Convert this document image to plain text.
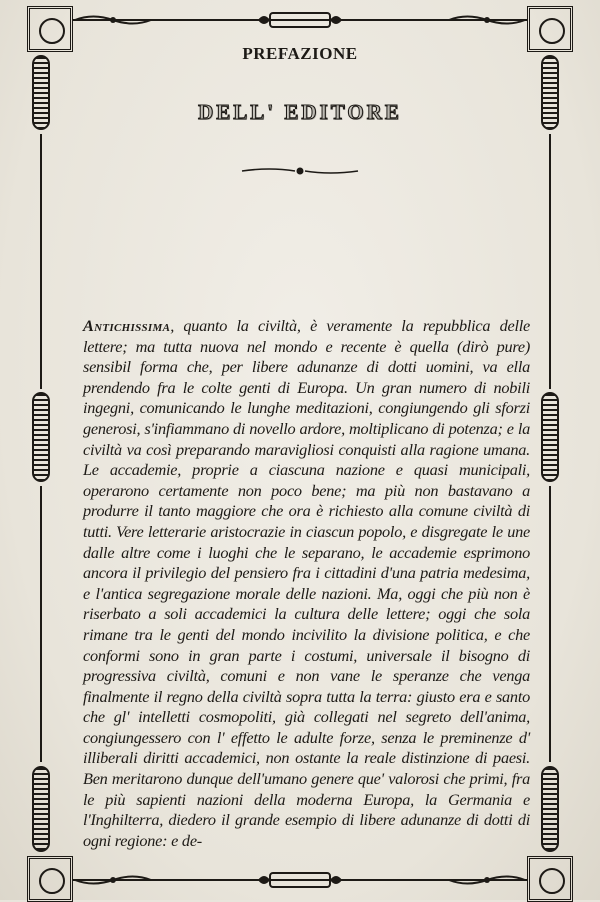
PREFAZIONE
DELL' EDITORE
Antichissima, quanto la civiltà, è veramente la repubblica delle lettere; ma tutta nuova nel mondo e recente è quella (dirò pure) sensibil forma che, per libere adunanze di dotti uomini, va ella prendendo fra le colte genti di Europa. Un gran numero di nobili ingegni, comunicando le lunghe meditazioni, congiungendo gli sforzi generosi, s'infiammano di novello ardore, moltiplicano di potenza; e la civiltà va così preparando maravigliosi conquisti alla ragione umana. Le accademie, proprie a ciascuna nazione e quasi municipali, operarono certamente non poco bene; ma più non bastavano a produrre il tanto maggiore che ora è richiesto alla comune civiltà di tutti. Vere letterarie aristocrazie in ciascun popolo, e disgregate le une dalle altre come i luoghi che le separano, le accademie esprimono ancora il privilegio del pensiero fra i cittadini d'una patria medesima, e l'antica segregazione morale delle nazioni. Ma, oggi che più non è riserbato a soli accademici la cultura delle lettere; oggi che sola rimane tra le genti del mondo incivilito la divisione politica, e che conformi sono in gran parte i costumi, universale il bisogno di progressiva civiltà, comuni e non vane le speranze che venga finalmente il regno della civiltà sopra tutta la terra: giusto era e santo che gl' intelletti cosmopoliti, già collegati nel segreto dell'anima, congiungessero con l' effetto le adulte forze, senza le preminenze d' illiberali diritti accademici, non ostante la reale distinzione di paesi. Ben meritarono dunque dell'umano genere que' valorosi che primi, fra le più sapienti nazioni della moderna Europa, la Germania e l'Inghilterra, diedero il grande esempio di libere adunanze di dotti di ogni regione: e de-
